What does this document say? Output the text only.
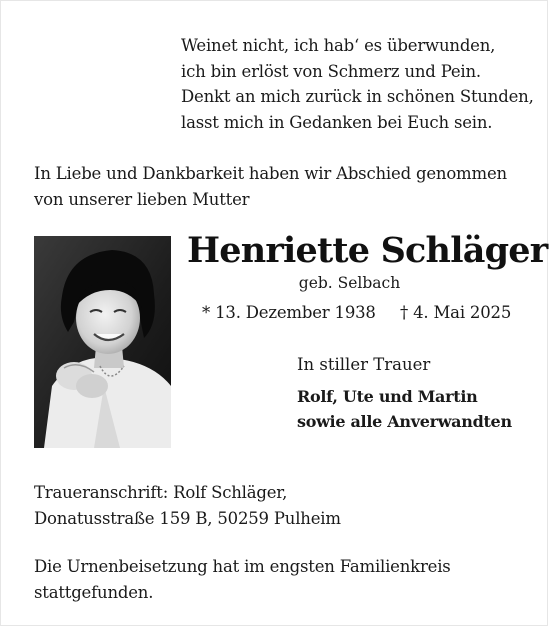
Weinet nicht, ich hab‘ es überwunden,
ich bin erlöst von Schmerz und Pein.
Denkt an mich zurück in schönen Stunden,
lasst mich in Gedanken bei Euch sein.
In Liebe und Dankbarkeit haben wir Abschied genommen von unserer lieben Mutter
Henriette Schläger
geb. Selbach
* 13. Dezember 1938 † 4. Mai 2025
In stiller Trauer
Rolf, Ute und Martin
sowie alle Anverwandten
Traueranschrift: Rolf Schläger,
Donatusstraße 159 B, 50259 Pulheim
Die Urnenbeisetzung hat im engsten Familienkreis stattgefunden.
